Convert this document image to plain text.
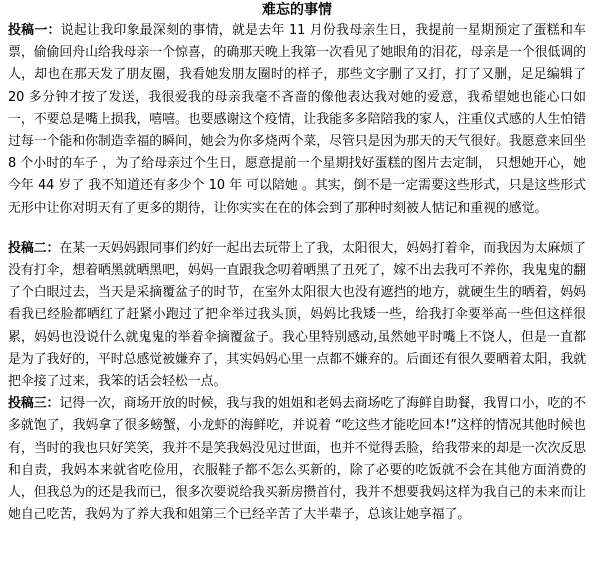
难忘的事情

投稿一：说起让我印象最深刻的事情，就是去年 11 月份我母亲生日，我提前一星期预定了蛋糕和车票，偷偷回舟山给我母亲一个惊喜，的确那天晚上我第一次看见了她眼角的泪花，母亲是一个很低调的人，却也在那天发了朋友圈，我看她发朋友圈时的样子，那些文字删了又打，打了又删，足足编辑了 20 多分钟才按了发送，我很爱我的母亲我毫不吝啬的像他表达我对她的爱意，我希望她也能心口如一，不要总是嘴上损我，嘻嘻。也要感谢这个疫情，让我能多多陪陪我的家人，注重仪式感的人生怕错过每一个能和你制造幸福的瞬间，她会为你多烧两个菜，尽管只是因为那天的天气很好。我愿意来回坐 8 个小时的车子 ，为了给母亲过个生日，愿意提前一个星期找好蛋糕的图片去定制， 只想她开心，她今年 44 岁了 我不知道还有多少个 10 年 可以陪她 。其实，倒不是一定需要这些形式，只是这些形式无形中让你对明天有了更多的期待，让你实实在在的体会到了那种时刻被人惦记和重视的感觉。

投稿二：在某一天妈妈跟同事们约好一起出去玩带上了我，太阳很大，妈妈打着伞，而我因为太麻烦了没有打伞，想着晒黑就晒黑吧，妈妈一直跟我念叨着晒黑了丑死了，嫁不出去我可不养你，我鬼鬼的翻了个白眼过去，当天是采摘覆盆子的时节，在室外太阳很大也没有遮挡的地方，就硬生生的晒着，妈妈看我已经脸都晒红了赶紧小跑过了把伞举过我头顶，妈妈比我矮一些，给我打伞要举高一些但这样很累，妈妈也没说什么就鬼鬼的举着伞摘覆盆子。我心里特别感动,虽然她平时嘴上不饶人，但是一直都是为了我好的，平时总感觉被嫌弃了，其实妈妈心里一点都不嫌弃的。后面还有很久要晒着太阳，我就把伞接了过来，我笨的话会轻松一点。

投稿三：记得一次，商场开放的时候，我与我的姐姐和老妈去商场吃了海鲜自助餐，我胃口小，吃的不多就饱了，我妈拿了很多螃蟹，小龙虾的海鲜吃，并说着 “吃这些才能吃回本!”这样的情况其他时候也有，当时的我也只好笑笑，我并不是笑我妈没见过世面，也并不觉得丢脸，给我带来的却是一次次反思和自责，我妈本来就省吃俭用，衣服鞋子都不怎么买新的，除了必要的吃饭就不会在其他方面消费的人，但我总为的还是我而已，很多次要说给我买新房攒首付，我并不想要我妈这样为我自己的未来而让她自己吃苦，我妈为了养大我和姐第三个已经辛苦了大半辈子，总该让她享福了。
